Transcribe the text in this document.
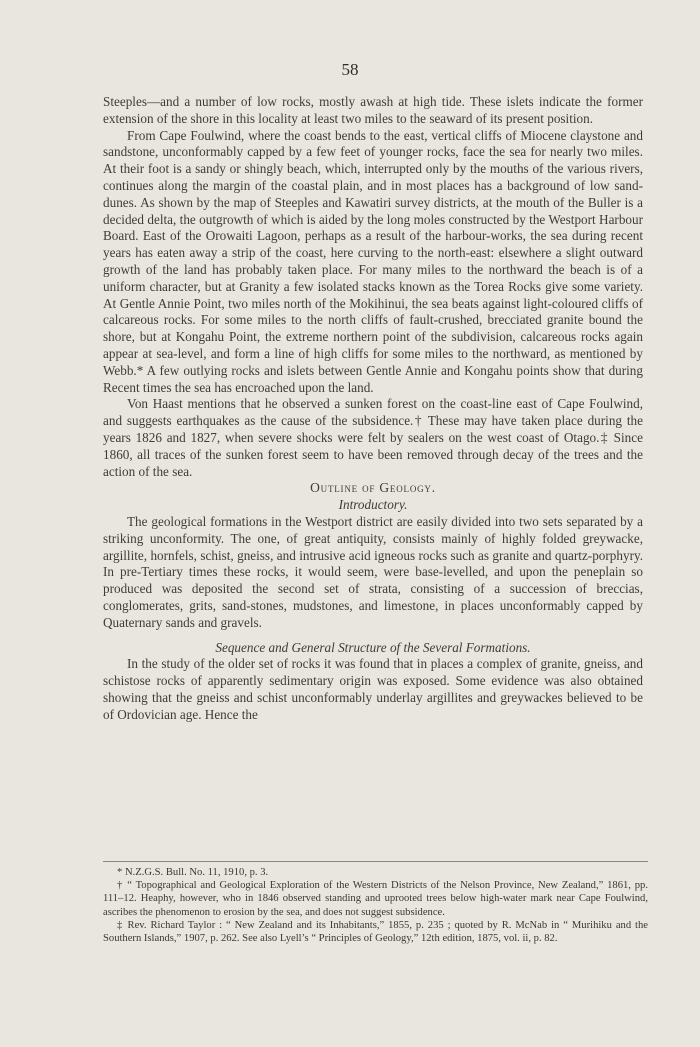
58

Steeples—and a number of low rocks, mostly awash at high tide. These islets indicate the former extension of the shore in this locality at least two miles to the seaward of its present position.

From Cape Foulwind, where the coast bends to the east, vertical cliffs of Miocene claystone and sandstone, unconformably capped by a few feet of younger rocks, face the sea for nearly two miles. At their foot is a sandy or shingly beach, which, interrupted only by the mouths of the various rivers, continues along the margin of the coastal plain, and in most places has a background of low sand-dunes. As shown by the map of Steeples and Kawatiri survey districts, at the mouth of the Buller is a decided delta, the outgrowth of which is aided by the long moles constructed by the Westport Harbour Board. East of the Orowaiti Lagoon, perhaps as a result of the harbour-works, the sea during recent years has eaten away a strip of the coast, here curving to the north-east: elsewhere a slight outward growth of the land has probably taken place. For many miles to the northward the beach is of a uniform character, but at Granity a few isolated stacks known as the Torea Rocks give some variety. At Gentle Annie Point, two miles north of the Mokihinui, the sea beats against light-coloured cliffs of calcareous rocks. For some miles to the north cliffs of fault-crushed, brecciated granite bound the shore, but at Kongahu Point, the extreme northern point of the subdivision, calcareous rocks again appear at sea-level, and form a line of high cliffs for some miles to the northward, as mentioned by Webb.* A few outlying rocks and islets between Gentle Annie and Kongahu points show that during Recent times the sea has encroached upon the land.

Von Haast mentions that he observed a sunken forest on the coast-line east of Cape Foulwind, and suggests earthquakes as the cause of the subsidence.† These may have taken place during the years 1826 and 1827, when severe shocks were felt by sealers on the west coast of Otago.‡ Since 1860, all traces of the sunken forest seem to have been removed through decay of the trees and the action of the sea.

Outline of Geology.

Introductory.

The geological formations in the Westport district are easily divided into two sets separated by a striking unconformity. The one, of great antiquity, consists mainly of highly folded greywacke, argillite, hornfels, schist, gneiss, and intrusive acid igneous rocks such as granite and quartz-porphyry. In pre-Tertiary times these rocks, it would seem, were base-levelled, and upon the peneplain so produced was deposited the second set of strata, consisting of a succession of breccias, conglomerates, grits, sand-stones, mudstones, and limestone, in places unconformably capped by Quaternary sands and gravels.

Sequence and General Structure of the Several Formations.

In the study of the older set of rocks it was found that in places a complex of granite, gneiss, and schistose rocks of apparently sedimentary origin was exposed. Some evidence was also obtained showing that the gneiss and schist unconformably underlay argillites and greywackes believed to be of Ordovician age. Hence the

* N.Z.G.S. Bull. No. 11, 1910, p. 3.

† “ Topographical and Geological Exploration of the Western Districts of the Nelson Province, New Zealand,” 1861, pp. 111–12. Heaphy, however, who in 1846 observed standing and uprooted trees below high-water mark near Cape Foulwind, ascribes the phenomenon to erosion by the sea, and does not suggest subsidence.

‡ Rev. Richard Taylor : “ New Zealand and its Inhabitants,” 1855, p. 235 ; quoted by R. McNab in “ Murihiku and the Southern Islands,” 1907, p. 262. See also Lyell’s “ Principles of Geology,” 12th edition, 1875, vol. ii, p. 82.
